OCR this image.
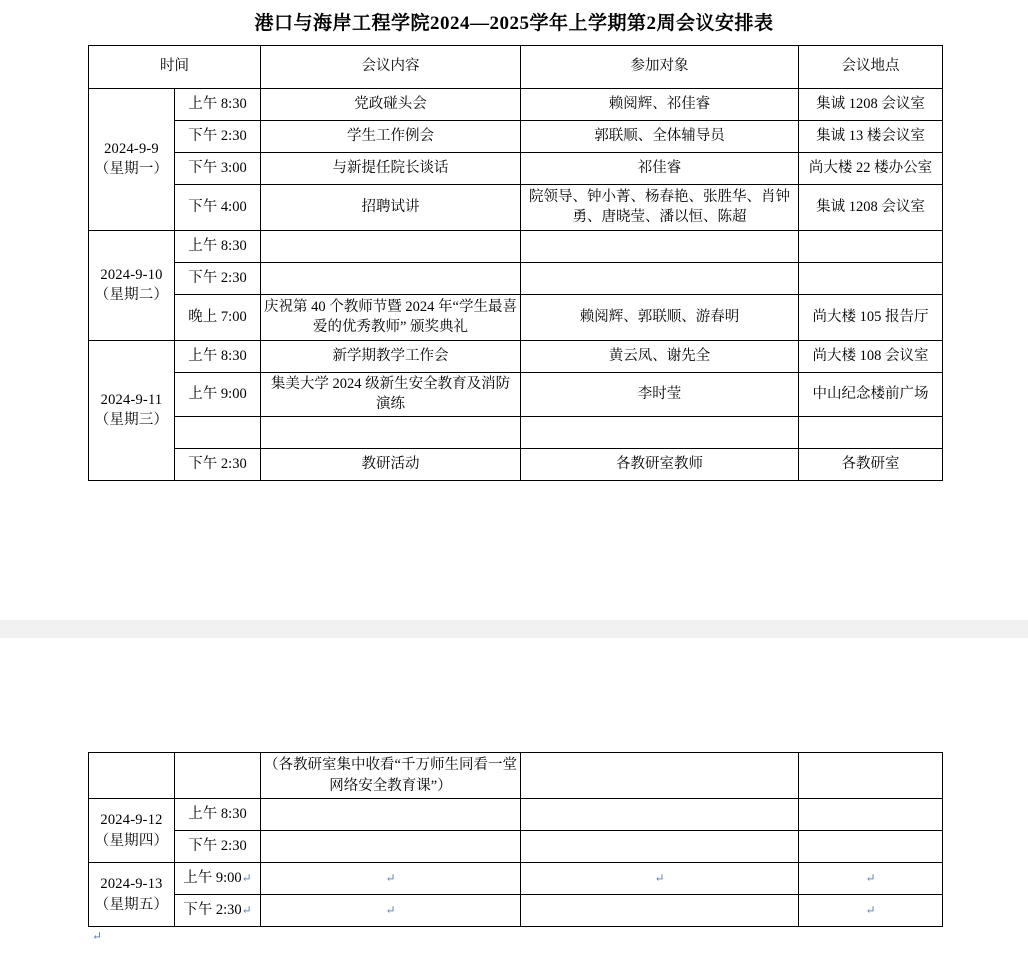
港口与海岸工程学院2024—2025学年上学期第2周会议安排表
时间		会议内容	参加对象	会议地点
2024-9-9
（星期一）	上午 8:30	党政碰头会	赖阅辉、祁佳睿	集诚 1208 会议室
	下午 2:30	学生工作例会	郭联顺、全体辅导员	集诚 13 楼会议室
	下午 3:00	与新提任院长谈话	祁佳睿	尚大楼 22 楼办公室
	下午 4:00	招聘试讲	院领导、钟小菁、杨春艳、张胜华、肖钟勇、唐晓莹、潘以恒、陈超	集诚 1208 会议室
2024-9-10
（星期二）	上午 8:30			
	下午 2:30			
	晚上 7:00	庆祝第 40 个教师节暨 2024 年“学生最喜爱的优秀教师” 颁奖典礼	赖阅辉、郭联顺、游春明	尚大楼 105 报告厅
2024-9-11
（星期三）	上午 8:30	新学期教学工作会	黄云凤、谢先全	尚大楼 108 会议室
	上午 9:00	集美大学 2024 级新生安全教育及消防演练	李时莹	中山纪念楼前广场

	下午 2:30	教研活动	各教研室教师	各教研室
		（各教研室集中收看“千万师生同看一堂网络安全教育课”）		
2024-9-12
（星期四）	上午 8:30			
	下午 2:30			
2024-9-13
（星期五）	上午 9:00↵	↵	↵	↵
	下午 2:30↵	↵		↵
↵
